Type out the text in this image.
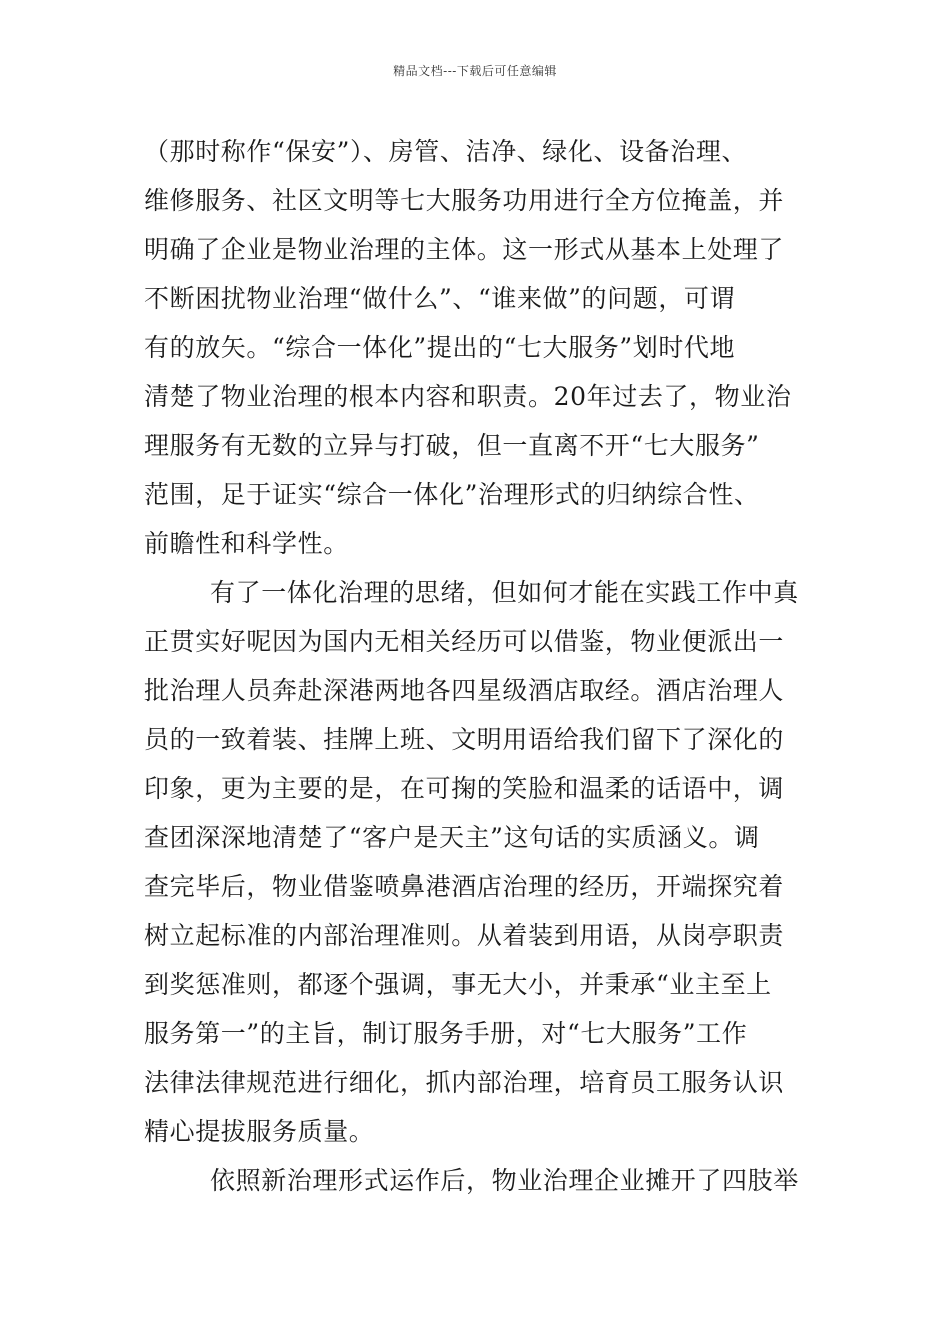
精品文档---下载后可任意编辑
（那时称作“保安”）、房管、洁净、绿化、设备治理、
维修服务、社区文明等七大服务功用进行全方位掩盖，并
明确了企业是物业治理的主体。这一形式从基本上处理了
不断困扰物业治理“做什么”、“谁来做”的问题，可谓
有的放矢。“综合一体化”提出的“七大服务”划时代地
清楚了物业治理的根本内容和职责。20年过去了，物业治
理服务有无数的立异与打破，但一直离不开“七大服务”
范围，足于证实“综合一体化”治理形式的归纳综合性、
前瞻性和科学性。
有了一体化治理的思绪，但如何才能在实践工作中真
正贯实好呢因为国内无相关经历可以借鉴，物业便派出一
批治理人员奔赴深港两地各四星级酒店取经。酒店治理人
员的一致着装、挂牌上班、文明用语给我们留下了深化的
印象，更为主要的是，在可掬的笑脸和温柔的话语中，调
查团深深地清楚了“客户是天主”这句话的实质涵义。调
查完毕后，物业借鉴喷鼻港酒店治理的经历，开端探究着
树立起标准的内部治理准则。从着装到用语，从岗亭职责
到奖惩准则，都逐个强调，事无大小，并秉承“业主至上
服务第一”的主旨，制订服务手册，对“七大服务”工作
法律法律规范进行细化，抓内部治理，培育员工服务认识
精心提拔服务质量。
依照新治理形式运作后，物业治理企业摊开了四肢举
